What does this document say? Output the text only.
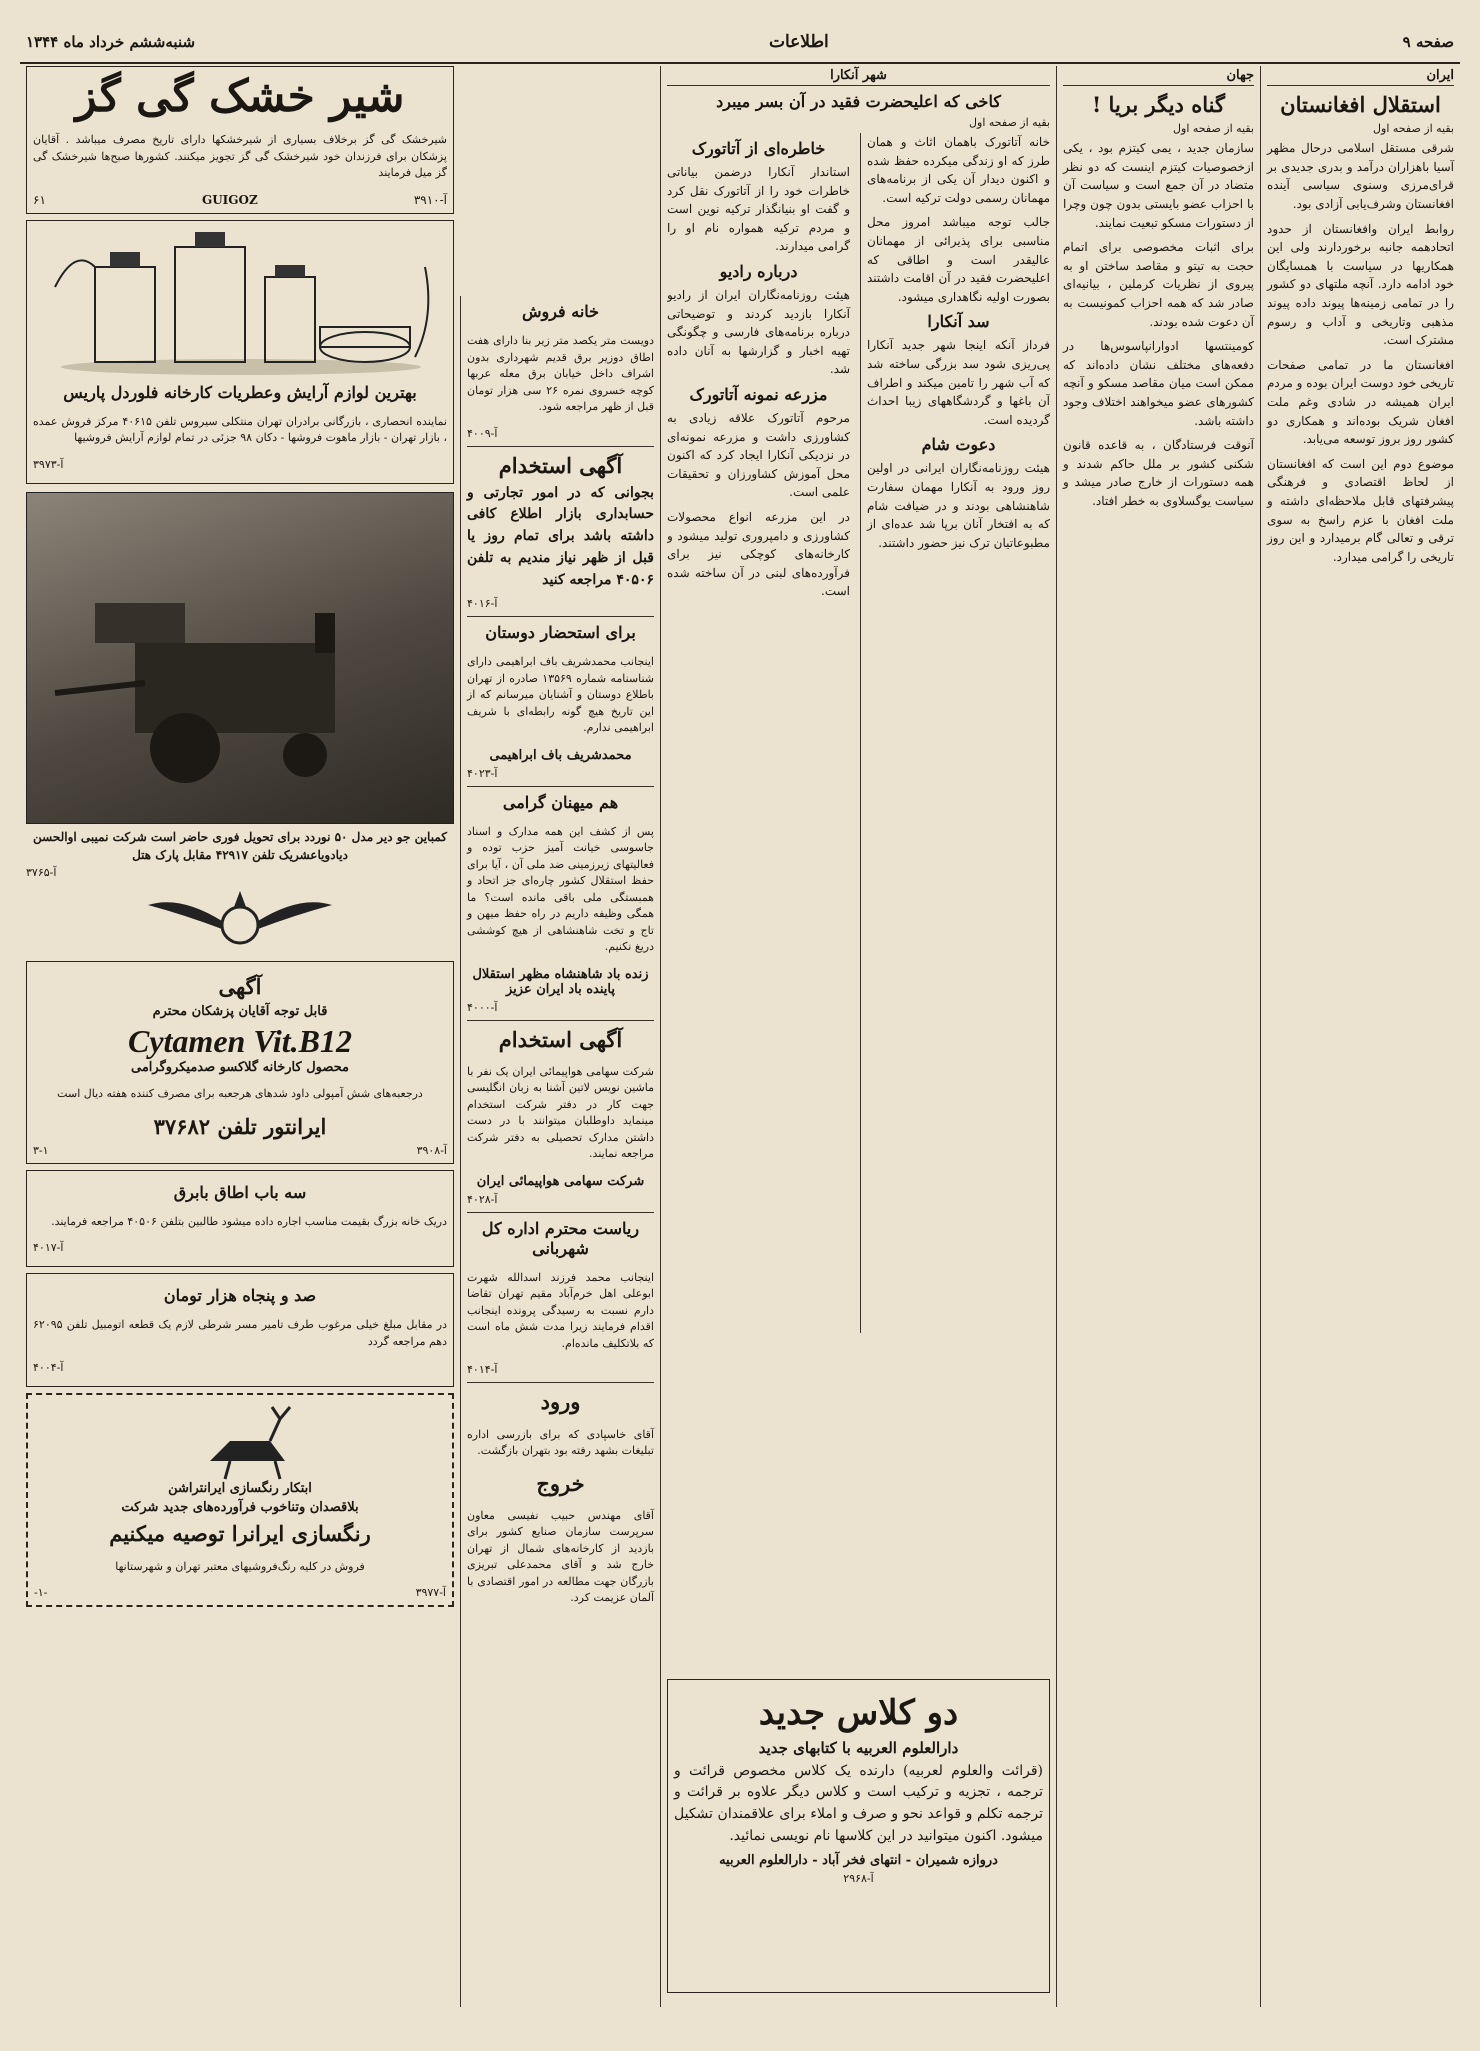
صفحه ۹
اطلاعات
شنبه‌ششم خرداد ماه ۱۳۴۴
ایران
استقلال افغانستان
بقیه از صفحه اول

شرقی مستقل اسلامی درحال مظهر آسیا باهزاران درآمد و بدری جدیدی بر قرای‌مرزی وسنوی سیاسی آینده افغانستان وشرف‌یابی آزادی بود.

روابط ایران وافغانستان از حدود اتحادهمه جانبه برخوردارند ولی این همکاریها در سیاست با همسایگان خود ادامه دارد. آنچه ملتهای دو کشور را در تمامی زمینه‌ها پیوند داده پیوند مذهبی وتاریخی و آداب و رسوم مشترک است.

افغانستان ما در تمامی صفحات تاریخی خود دوست ایران بوده و مردم ایران همیشه در شادی وغم ملت افغان شریک بوده‌اند و همکاری دو کشور روز بروز توسعه می‌یابد.

موضوع دوم این است که افغانستان از لحاظ اقتصادی و فرهنگی پیشرفتهای قابل ملاحظه‌ای داشته و ملت افغان با عزم راسخ به سوی ترقی و تعالی گام برمیدارد و این روز تاریخی را گرامی میدارد.

جهان
گناه دیگر بریا !
بقیه از صفحه اول

سازمان جدید ، یمی کیتزم بود ، یکی ازخصوصیات کیتزم اینست که دو نظر متضاد در آن جمع است و سیاست آن با احزاب عضو بایستی بدون چون وچرا از دستورات مسکو تبعیت نمایند.

برای اثبات مخصوصی برای اتمام حجت به تیتو و مقاصد ساختن او به پیروی از نظریات کرملین ، بیانیه‌ای صادر شد که همه احزاب کمونیست به آن دعوت شده بودند.

کومینتسها ادوارانپاسوس‌ها در دفعه‌های مختلف نشان داده‌اند که ممکن است میان مقاصد مسکو و آنچه کشورهای عضو میخواهند اختلاف وجود داشته باشد.

آنوقت فرستادگان ، به قاعده قانون شکنی کشور بر ملل حاکم شدند و همه دستورات از خارج صادر میشد و سیاست یوگسلاوی به خطر افتاد.

شهر آنکارا
کاخی که اعلیحضرت فقید در آن بسر میبرد
بقیه از صفحه اول

خانه آتاتورک باهمان اثاث و همان طرز که او زندگی میکرده حفظ شده و اکنون دیدار آن یکی از برنامه‌های مهمانان رسمی دولت ترکیه است.

جالب توجه میباشد امروز محل مناسبی برای پذیرائی از مهمانان عالیقدر است و اطاقی که اعلیحضرت فقید در آن اقامت داشتند بصورت اولیه نگاهداری میشود.

سد آنکارا

فرداز آنکه اینجا شهر جدید آنکارا پی‌ریزی شود سد بزرگی ساخته شد که آب شهر را تامین میکند و اطراف آن باغها و گردشگاههای زیبا احداث گردیده است.

دعوت شام

هیئت روزنامه‌نگاران ایرانی در اولین روز ورود به آنکارا مهمان سفارت شاهنشاهی بودند و در ضیافت شام که به افتخار آنان برپا شد عده‌ای از مطبوعاتیان ترک نیز حضور داشتند.

خاطره‌ای از آتاتورک

استاندار آنکارا درضمن بیاناتی خاطرات خود را از آتاتورک نقل کرد و گفت او بنیانگذار ترکیه نوین است و مردم ترکیه همواره نام او را گرامی میدارند.

درباره رادیو

هیئت روزنامه‌نگاران ایران از رادیو آنکارا بازدید کردند و توضیحاتی درباره برنامه‌های فارسی و چگونگی تهیه اخبار و گزارشها به آنان داده شد.

مزرعه نمونه آتاتورک

مرحوم آتاتورک علاقه زیادی به کشاورزی داشت و مزرعه نمونه‌ای در نزدیکی آنکارا ایجاد کرد که اکنون محل آموزش کشاورزان و تحقیقات علمی است.

در این مزرعه انواع محصولات کشاورزی و دامپروری تولید میشود و کارخانه‌های کوچکی نیز برای فرآورده‌های لبنی در آن ساخته شده است.

دو کلاس جدید
دارالعلوم العربیه با کتابهای جدید

(قرائت والعلوم لعربیه) دارنده یک کلاس مخصوص قرائت و ترجمه ، تجزیه و ترکیب است و کلاس دیگر علاوه بر قرائت و ترجمه تکلم و قواعد نحو و صرف و املاء برای علاقمندان تشکیل میشود. اکنون میتوانید در این کلاسها نام نویسی نمائید.

دروازه شمیران - انتهای فخر آباد - دارالعلوم العربیه
آ-۲۹۶۸
خانه فروش

دویست متر یکصد متر زیر بنا دارای هفت اطاق دوزیر برق قدیم شهرداری بدون اشراف داخل خیابان برق معله عربها کوچه خسروی نمره ۲۶ سی هزار تومان قبل از ظهر مراجعه شود.

آ-۴۰۰۹
آگهی استخدام

بجوانی که در امور تجارتی و حسابداری بازار اطلاع کافی داشته باشد برای تمام روز یا قبل از ظهر نیاز مندیم به تلفن ۴۰۵۰۶ مراجعه کنید

آ-۴۰۱۶
برای استحضار دوستان

اینجانب محمدشریف باف ابراهیمی دارای شناسنامه شماره ۱۳۵۶۹ صادره از تهران باطلاع دوستان و آشنایان میرسانم که از این تاریخ هیچ گونه رابطه‌ای با شریف ابراهیمی ندارم.

محمدشریف باف ابراهیمی
آ-۴۰۲۳
هم میهنان گرامی

پس از کشف این همه مدارک و اسناد جاسوسی خیانت آمیز حزب توده و فعالیتهای زیرزمینی ضد ملی آن ، آیا برای حفظ استقلال کشور چاره‌ای جز اتحاد و همبستگی ملی باقی مانده است؟ ما همگی وظیفه داریم در راه حفظ میهن و تاج و تخت شاهنشاهی از هیچ کوششی دریغ نکنیم.

زنده باد شاهنشاه مظهر استقلال پاینده باد ایران عزیز
آ-۴۰۰۰
آگهی استخدام

شرکت سهامی هواپیمائی ایران یک نفر با ماشین نویس لاتین آشنا به زبان انگلیسی جهت کار در دفتر شرکت استخدام مینماید داوطلبان میتوانند با در دست داشتن مدارک تحصیلی به دفتر شرکت مراجعه نمایند.

شرکت سهامی هواپیمائی ایران
آ-۴۰۲۸
ریاست محترم اداره کل شهربانی

اینجانب محمد فرزند اسدالله شهرت ابوعلی اهل خرم‌آباد مقیم تهران تقاضا دارم نسبت به رسیدگی پرونده اینجانب اقدام فرمایند زیرا مدت شش ماه است که بلاتکلیف مانده‌ام.

آ-۴۰۱۴
ورود

آقای خاسپادی که برای بازرسی اداره تبلیغات بشهد رفته بود بتهران بازگشت.

خروج

آقای مهندس حبیب نفیسی معاون سرپرست سازمان صنایع کشور برای بازدید از کارخانه‌های شمال از تهران خارج شد و آقای محمدعلی تبریزی بازرگان جهت مطالعه در امور اقتصادی با آلمان عزیمت کرد.

شیر خشک گی گز

شیرخشک گی گز برخلاف بسیاری از شیرخشکها دارای تاریخ مصرف میباشد . آقایان پزشکان برای فرزندان خود شیرخشک گی گز تجویز میکنند. کشورها صبح‌ها شیرخشک گی گز میل فرمایند

آ-۳۹۱۰
GUIGOZ
۶۱
بهترین لوازم آرایش وعطریات کارخانه فلوردل پاریس

نماینده انحصاری ، بازرگانی برادران تهران منتکلی سیروس تلفن ۴۰۶۱۵ مرکز فروش عمده ، بازار تهران - بازار ماهوت فروشها - دکان ۹۸ جزئی در تمام لوازم آرایش فروشیها

آ-۳۹۷۳
کمباین جو دیر مدل ۵۰ نوردد برای تحویل فوری حاضر است شرکت نمیبی اوالحسن دیادویاعشریک تلفن ۴۲۹۱۷ مقابل پارک هتل
آ-۳۷۶۵
آگهی
قابل توجه آقایان پزشکان محترم
Cytamen Vit.B12
محصول کارخانه گلاکسو صدمیکروگرامی

درجعبه‌های شش آمپولی داود شدهای هرجعبه برای مصرف کننده هفته دیال است

ایرانتور تلفن ۳۷۶۸۲
آ-۳۹۰۸
۳-۱
سه باب اطاق بابرق

دریک خانه بزرگ بقیمت مناسب اجاره داده میشود طالبین بتلفن ۴۰۵۰۶ مراجعه فرمایند.

آ-۴۰۱۷
صد و پنجاه هزار تومان

در مقابل مبلغ خیلی مرغوب طرف تامیر مسر شرطی لازم یک قطعه اتومبیل تلفن ۶۲۰۹۵ دهم مراجعه گردد

آ-۴۰۰۴
ابتکار رنگسازی ایرانتراشن
بلاقصدان وتناخوب فرآورده‌های جدید شرکت
رنگسازی ایرانرا توصیه میکنیم

فروش در کلیه رنگ‌فروشیهای معتبر تهران و شهرستانها

آ-۳۹۷۷
-۱-
